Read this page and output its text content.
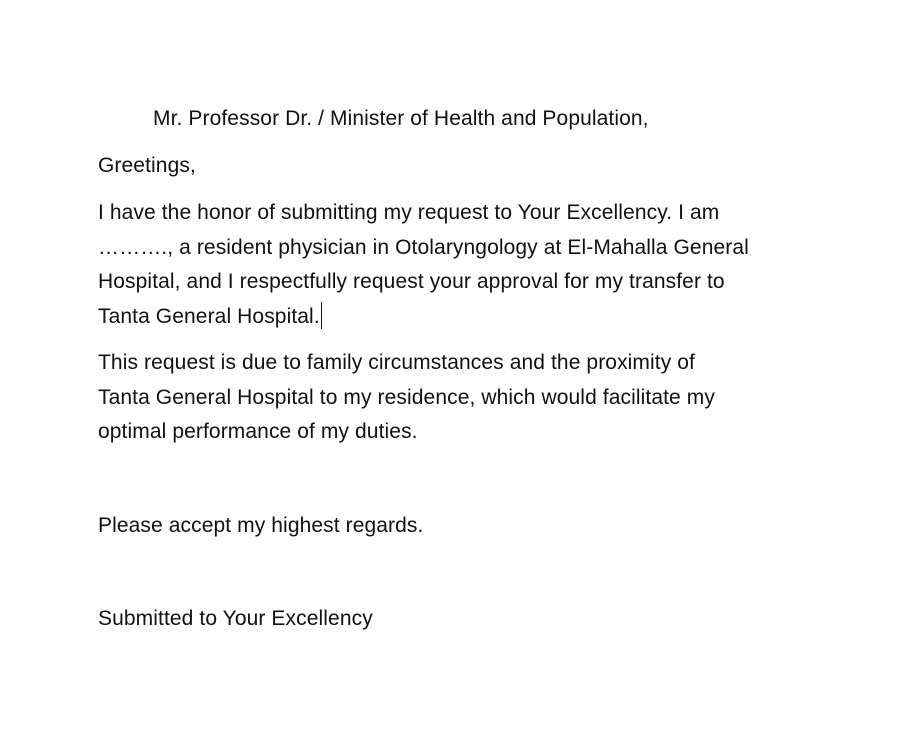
Mr. Professor Dr. / Minister of Health and Population,
Greetings,
I have the honor of submitting my request to Your Excellency. I am
………., a resident physician in Otolaryngology at El-Mahalla General
Hospital, and I respectfully request your approval for my transfer to
Tanta General Hospital.
This request is due to family circumstances and the proximity of
Tanta General Hospital to my residence, which would facilitate my
optimal performance of my duties.
Please accept my highest regards.
Submitted to Your Excellency
